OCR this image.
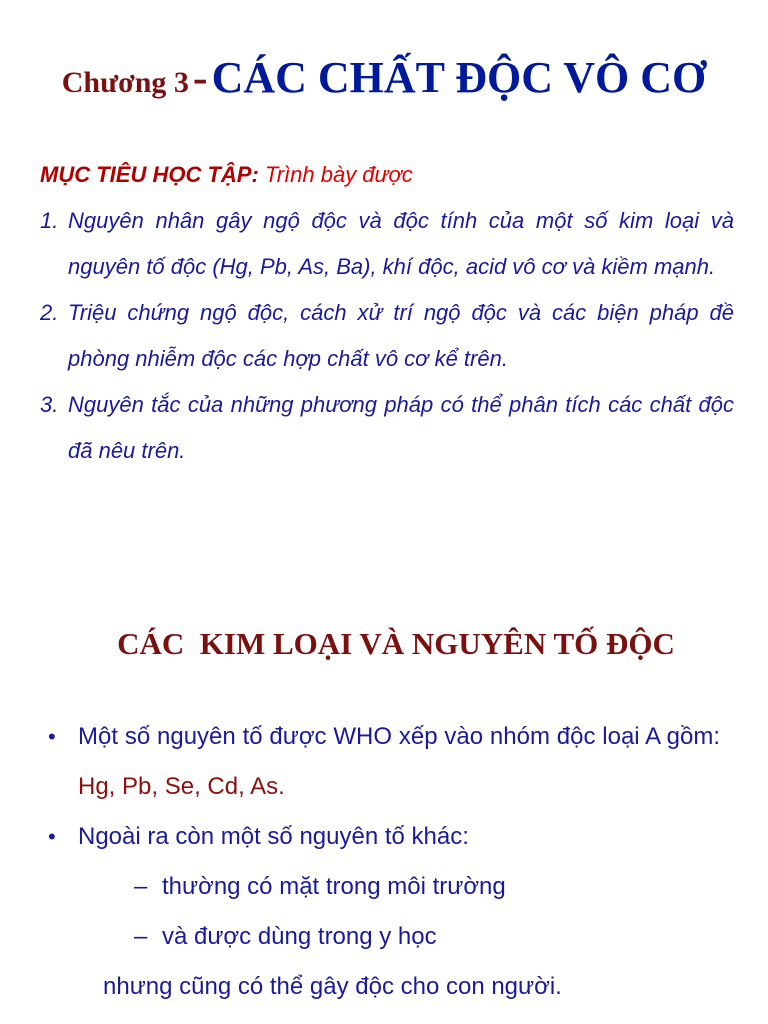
Chương 3 - CÁC CHẤT ĐỘC VÔ CƠ
MỤC TIÊU HỌC TẬP: Trình bày được
1. Nguyên nhân gây ngộ độc và độc tính của một số kim loại và nguyên tố độc (Hg, Pb, As, Ba), khí độc, acid vô cơ và kiềm mạnh.
2. Triệu chứng ngộ độc, cách xử trí ngộ độc và các biện pháp đề phòng nhiễm độc các hợp chất vô cơ kể trên.
3. Nguyên tắc của những phương pháp có thể phân tích các chất độc đã nêu trên.
CÁC  KIM LOẠI VÀ NGUYÊN TỐ ĐỘC
• Một số nguyên tố được WHO xếp vào nhóm độc loại A gồm: Hg, Pb, Se, Cd, As.
• Ngoài ra còn một số nguyên tố khác:
– thường có mặt trong môi trường
– và được dùng trong y học
nhưng cũng có thể gây độc cho con người.
